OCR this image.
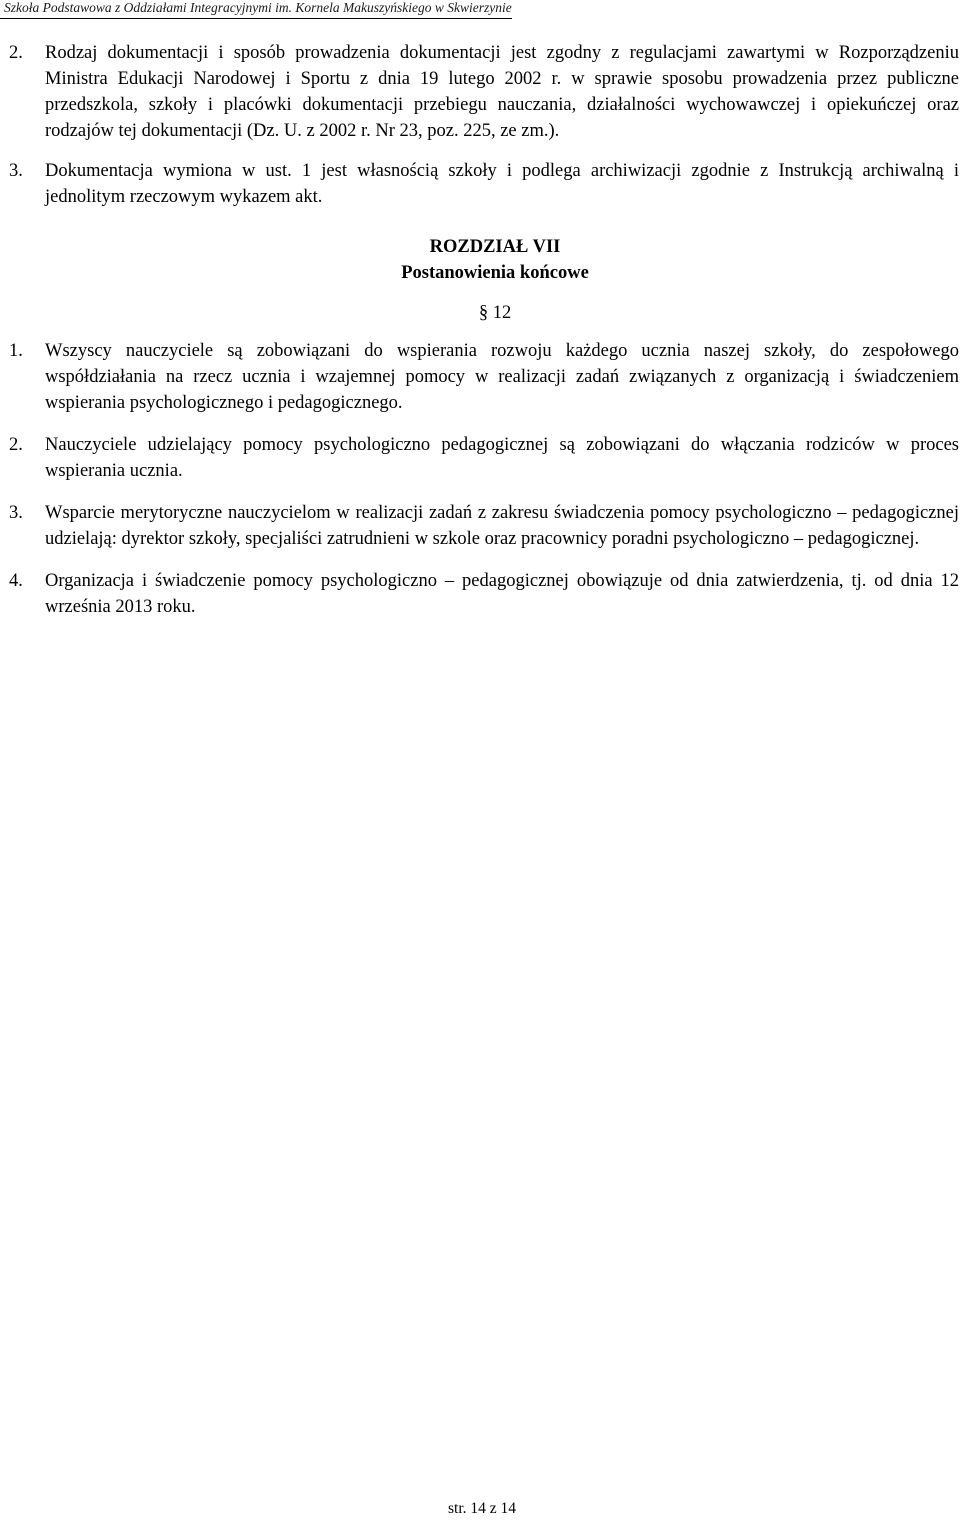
Szkoła Podstawowa z Oddziałami Integracyjnymi im. Kornela Makuszyńskiego w Skwierzynie
2. Rodzaj dokumentacji i sposób prowadzenia dokumentacji jest zgodny z regulacjami zawartymi w Rozporządzeniu Ministra Edukacji Narodowej i Sportu z dnia 19 lutego 2002 r. w sprawie sposobu prowadzenia przez publiczne przedszkola, szkoły i placówki dokumentacji przebiegu nauczania, działalności wychowawczej i opiekuńczej oraz rodzajów tej dokumentacji (Dz. U. z 2002 r. Nr 23, poz. 225, ze zm.).
3. Dokumentacja wymiona w ust. 1 jest własnością szkoły i podlega archiwizacji zgodnie z Instrukcją archiwalną i jednolitym rzeczowym wykazem akt.
ROZDZIAŁ VII
Postanowienia końcowe
§ 12
1. Wszyscy nauczyciele są zobowiązani do wspierania rozwoju każdego ucznia naszej szkoły, do zespołowego współdziałania na rzecz ucznia i wzajemnej pomocy w realizacji zadań związanych z organizacją i świadczeniem wspierania psychologicznego i pedagogicznego.
2. Nauczyciele udzielający pomocy psychologiczno pedagogicznej są zobowiązani do włączania rodziców w proces wspierania ucznia.
3. Wsparcie merytoryczne nauczycielom w realizacji zadań z zakresu świadczenia pomocy psychologiczno – pedagogicznej udzielają: dyrektor szkoły, specjaliści zatrudnieni w szkole oraz pracownicy poradni psychologiczno – pedagogicznej.
4. Organizacja i świadczenie pomocy psychologiczno – pedagogicznej obowiązuje od dnia zatwierdzenia, tj. od dnia 12 września 2013 roku.
str. 14 z 14
